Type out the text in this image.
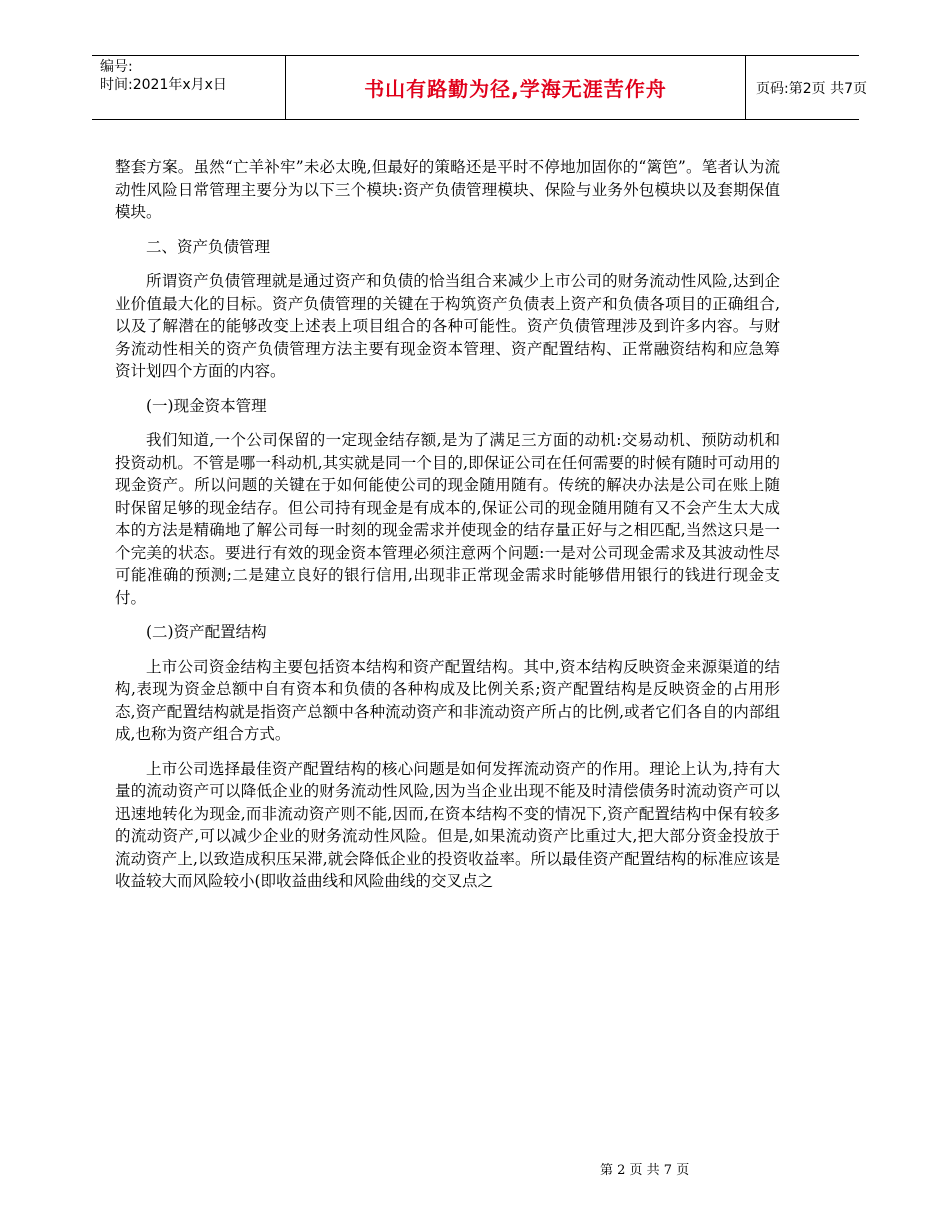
编号:
时间:2021年x月x日	书山有路勤为径,学海无涯苦作舟	页码:第2页 共7页

整套方案。虽然“亡羊补牢”未必太晚,但最好的策略还是平时不停地加固你的“篱笆”。笔者认为流动性风险日常管理主要分为以下三个模块:资产负债管理模块、保险与业务外包模块以及套期保值模块。

二、资产负债管理

所谓资产负债管理就是通过资产和负债的恰当组合来减少上市公司的财务流动性风险,达到企业价值最大化的目标。资产负债管理的关键在于构筑资产负债表上资产和负债各项目的正确组合,以及了解潜在的能够改变上述表上项目组合的各种可能性。资产负债管理涉及到许多内容。与财务流动性相关的资产负债管理方法主要有现金资本管理、资产配置结构、正常融资结构和应急筹资计划四个方面的内容。

(一)现金资本管理

我们知道,一个公司保留的一定现金结存额,是为了满足三方面的动机:交易动机、预防动机和投资动机。不管是哪一科动机,其实就是同一个目的,即保证公司在任何需要的时候有随时可动用的现金资产。所以问题的关键在于如何能使公司的现金随用随有。传统的解决办法是公司在账上随时保留足够的现金结存。但公司持有现金是有成本的,保证公司的现金随用随有又不会产生太大成本的方法是精确地了解公司每一时刻的现金需求并使现金的结存量正好与之相匹配,当然这只是一个完美的状态。要进行有效的现金资本管理必须注意两个问题:一是对公司现金需求及其波动性尽可能准确的预测;二是建立良好的银行信用,出现非正常现金需求时能够借用银行的钱进行现金支付。

(二)资产配置结构

上市公司资金结构主要包括资本结构和资产配置结构。其中,资本结构反映资金来源渠道的结构,表现为资金总额中自有资本和负债的各种构成及比例关系;资产配置结构是反映资金的占用形态,资产配置结构就是指资产总额中各种流动资产和非流动资产所占的比例,或者它们各自的内部组成,也称为资产组合方式。

上市公司选择最佳资产配置结构的核心问题是如何发挥流动资产的作用。理论上认为,持有大量的流动资产可以降低企业的财务流动性风险,因为当企业出现不能及时清偿债务时流动资产可以迅速地转化为现金,而非流动资产则不能,因而,在资本结构不变的情况下,资产配置结构中保有较多的流动资产,可以减少企业的财务流动性风险。但是,如果流动资产比重过大,把大部分资金投放于流动资产上,以致造成积压呆滞,就会降低企业的投资收益率。所以最佳资产配置结构的标准应该是收益较大而风险较小(即收益曲线和风险曲线的交叉点之

第 2 页 共 7 页
